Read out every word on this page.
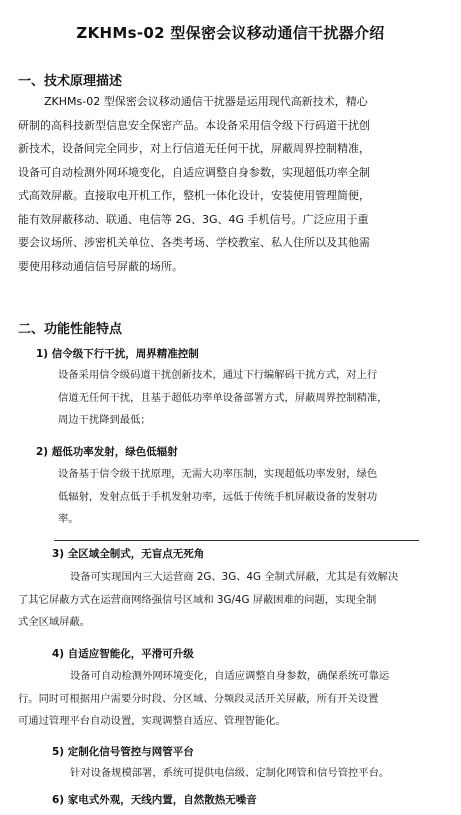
ZKHMs-02 型保密会议移动通信干扰器介绍
一、技术原理描述
ZKHMs-02 型保密会议移动通信干扰器是运用现代高新技术，精心
研制的高科技新型信息安全保密产品。本设备采用信令级下行码道干扰创
新技术，设备间完全同步，对上行信道无任何干扰，屏蔽周界控制精准，
设备可自动检测外网环境变化，自适应调整自身参数，实现超低功率全制
式高效屏蔽。直接取电开机工作，整机一体化设计，安装使用管理简便，
能有效屏蔽移动、联通、电信等 2G、3G、4G 手机信号。广泛应用于重
要会议场所、涉密机关单位、各类考场、学校教室、私人住所以及其他需
要使用移动通信信号屏蔽的场所。
二、功能性能特点
1) 信令级下行干扰，周界精准控制
设备采用信令级码道干扰创新技术，通过下行编解码干扰方式，对上行
信道无任何干扰，且基于超低功率单设备部署方式，屏蔽周界控制精准，
周边干扰降到最低；
2) 超低功率发射，绿色低辐射
设备基于信令级干扰原理，无需大功率压制，实现超低功率发射，绿色
低辐射，发射点低于手机发射功率，远低于传统手机屏蔽设备的发射功
率。
3) 全区域全制式，无盲点无死角
设备可实现国内三大运营商 2G、3G、4G 全制式屏蔽，尤其是有效解决
了其它屏蔽方式在运营商网络强信号区域和 3G/4G 屏蔽困难的问题，实现全制
式全区域屏蔽。
4) 自适应智能化，平滑可升级
设备可自动检测外网环境变化，自适应调整自身参数，确保系统可靠运
行。同时可根据用户需要分时段、分区域、分频段灵活开关屏蔽，所有开关设置
可通过管理平台自动设置，实现调整自适应、管理智能化。
5) 定制化信号管控与网管平台
针对设备规模部署，系统可提供电信级、定制化网管和信号管控平台。
6) 家电式外观，天线内置，自然散热无噪音
